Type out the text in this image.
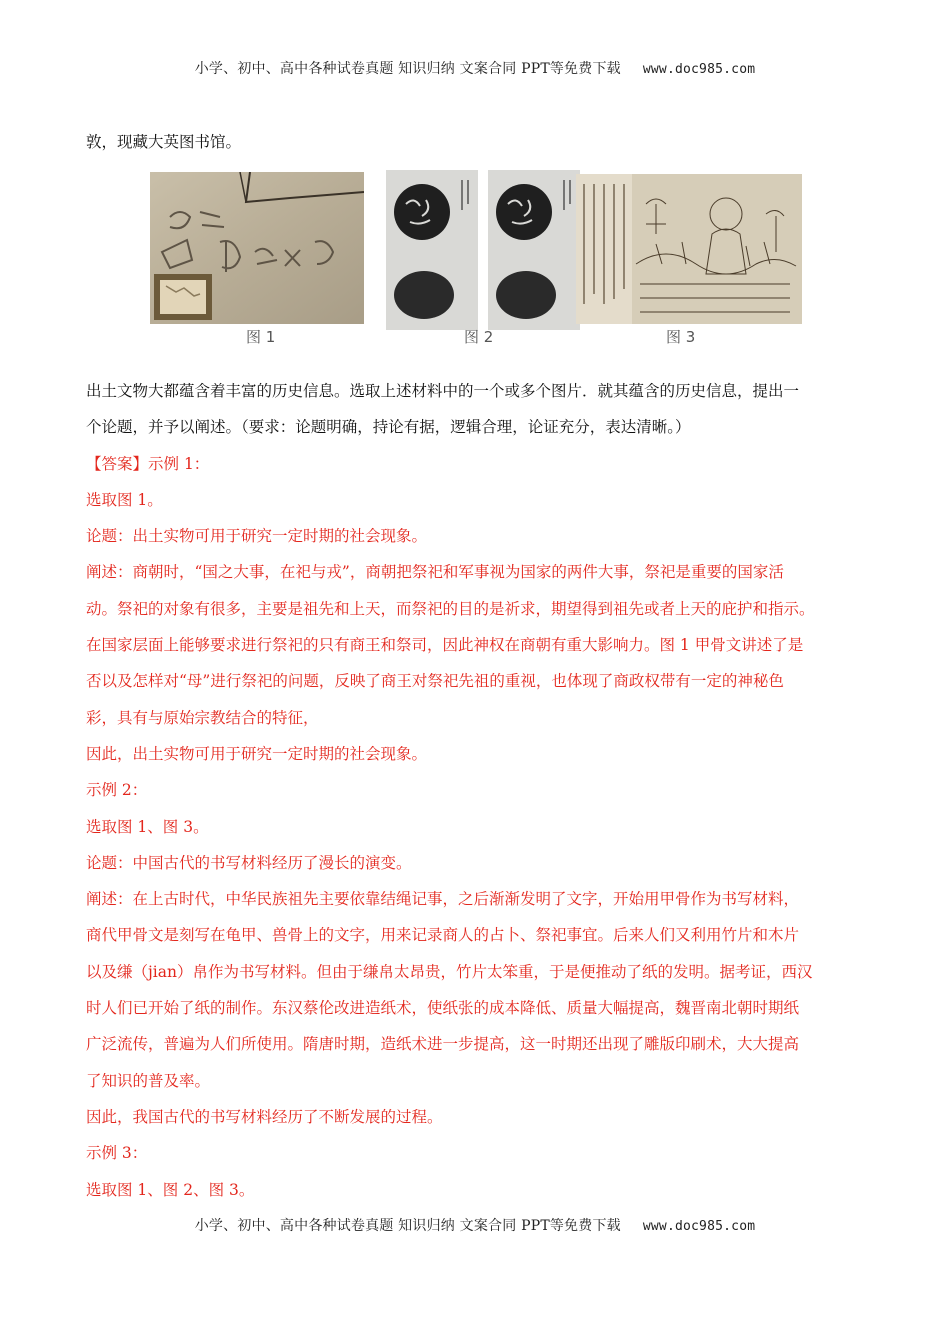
小学、初中、高中各种试卷真题 知识归纳 文案合同 PPT等免费下载 www.doc985.com

敦，现藏大英图书馆。

图 1	图 2	图 3

出土文物大都蕴含着丰富的历史信息。选取上述材料中的一个或多个图片．就其蕴含的历史信息，提出一

个论题，并予以阐述。（要求：论题明确，持论有据，逻辑合理，论证充分，表达清晰。）

【答案】示例 1：

选取图 1。

论题：出土实物可用于研究一定时期的社会现象。

阐述：商朝时，“国之大事，在祀与戎”，商朝把祭祀和军事视为国家的两件大事，祭祀是重要的国家活

动。祭祀的对象有很多，主要是祖先和上天，而祭祀的目的是祈求，期望得到祖先或者上天的庇护和指示。

在国家层面上能够要求进行祭祀的只有商王和祭司，因此神权在商朝有重大影响力。图 1 甲骨文讲述了是

否以及怎样对“母”进行祭祀的问题，反映了商王对祭祀先祖的重视，也体现了商政权带有一定的神秘色

彩，具有与原始宗教结合的特征，

因此，出土实物可用于研究一定时期的社会现象。

示例 2：

选取图 1、图 3。

论题：中国古代的书写材料经历了漫长的演变。

阐述：在上古时代，中华民族祖先主要依靠结绳记事，之后渐渐发明了文字，开始用甲骨作为书写材料，

商代甲骨文是刻写在龟甲、兽骨上的文字，用来记录商人的占卜、祭祀事宜。后来人们又利用竹片和木片

以及缣（jian）帛作为书写材料。但由于缣帛太昂贵，竹片太笨重，于是便推动了纸的发明。据考证，西汉

时人们已开始了纸的制作。东汉蔡伦改进造纸术，使纸张的成本降低、质量大幅提高，魏晋南北朝时期纸

广泛流传，普遍为人们所使用。隋唐时期，造纸术进一步提高，这一时期还出现了雕版印刷术，大大提高

了知识的普及率。

因此，我国古代的书写材料经历了不断发展的过程。

示例 3：

选取图 1、图 2、图 3。

小学、初中、高中各种试卷真题 知识归纳 文案合同 PPT等免费下载 www.doc985.com
